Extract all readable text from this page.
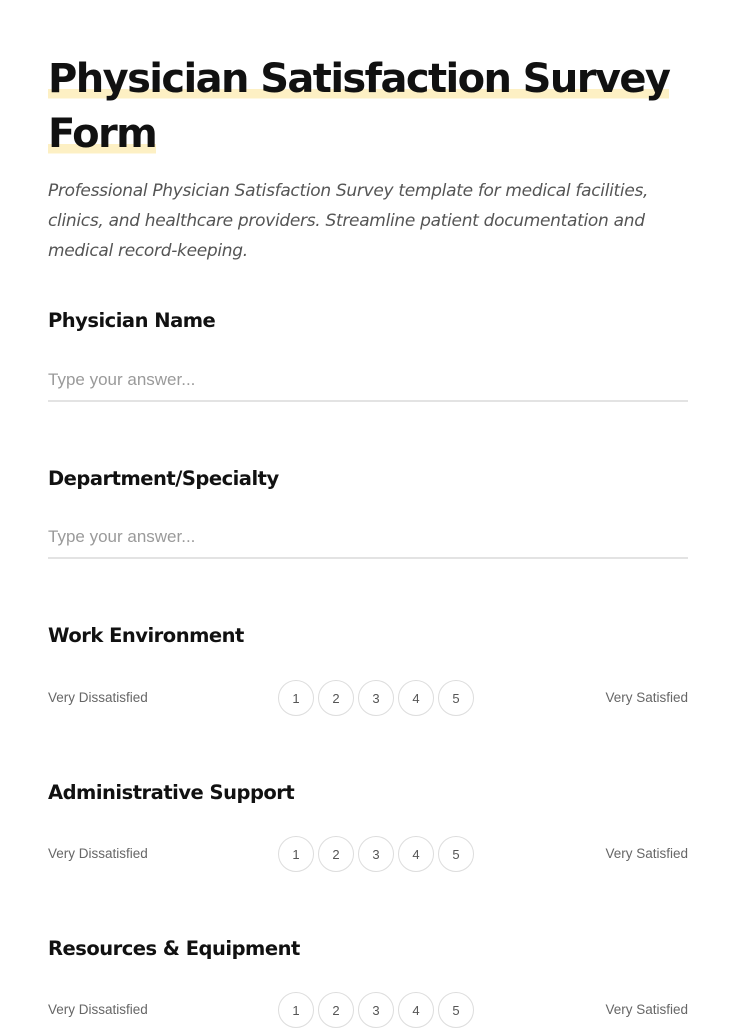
Physician Satisfaction Survey Form

Professional Physician Satisfaction Survey template for medical facilities, clinics, and healthcare providers. Streamline patient documentation and medical record-keeping.

Physician Name
Type your answer...
Department/Specialty
Type your answer...
Work Environment
Very Dissatisfied	1	2	3	4	5	Very Satisfied
Administrative Support
Very Dissatisfied	1	2	3	4	5	Very Satisfied
Resources & Equipment
Very Dissatisfied	1	2	3	4	5	Very Satisfied
